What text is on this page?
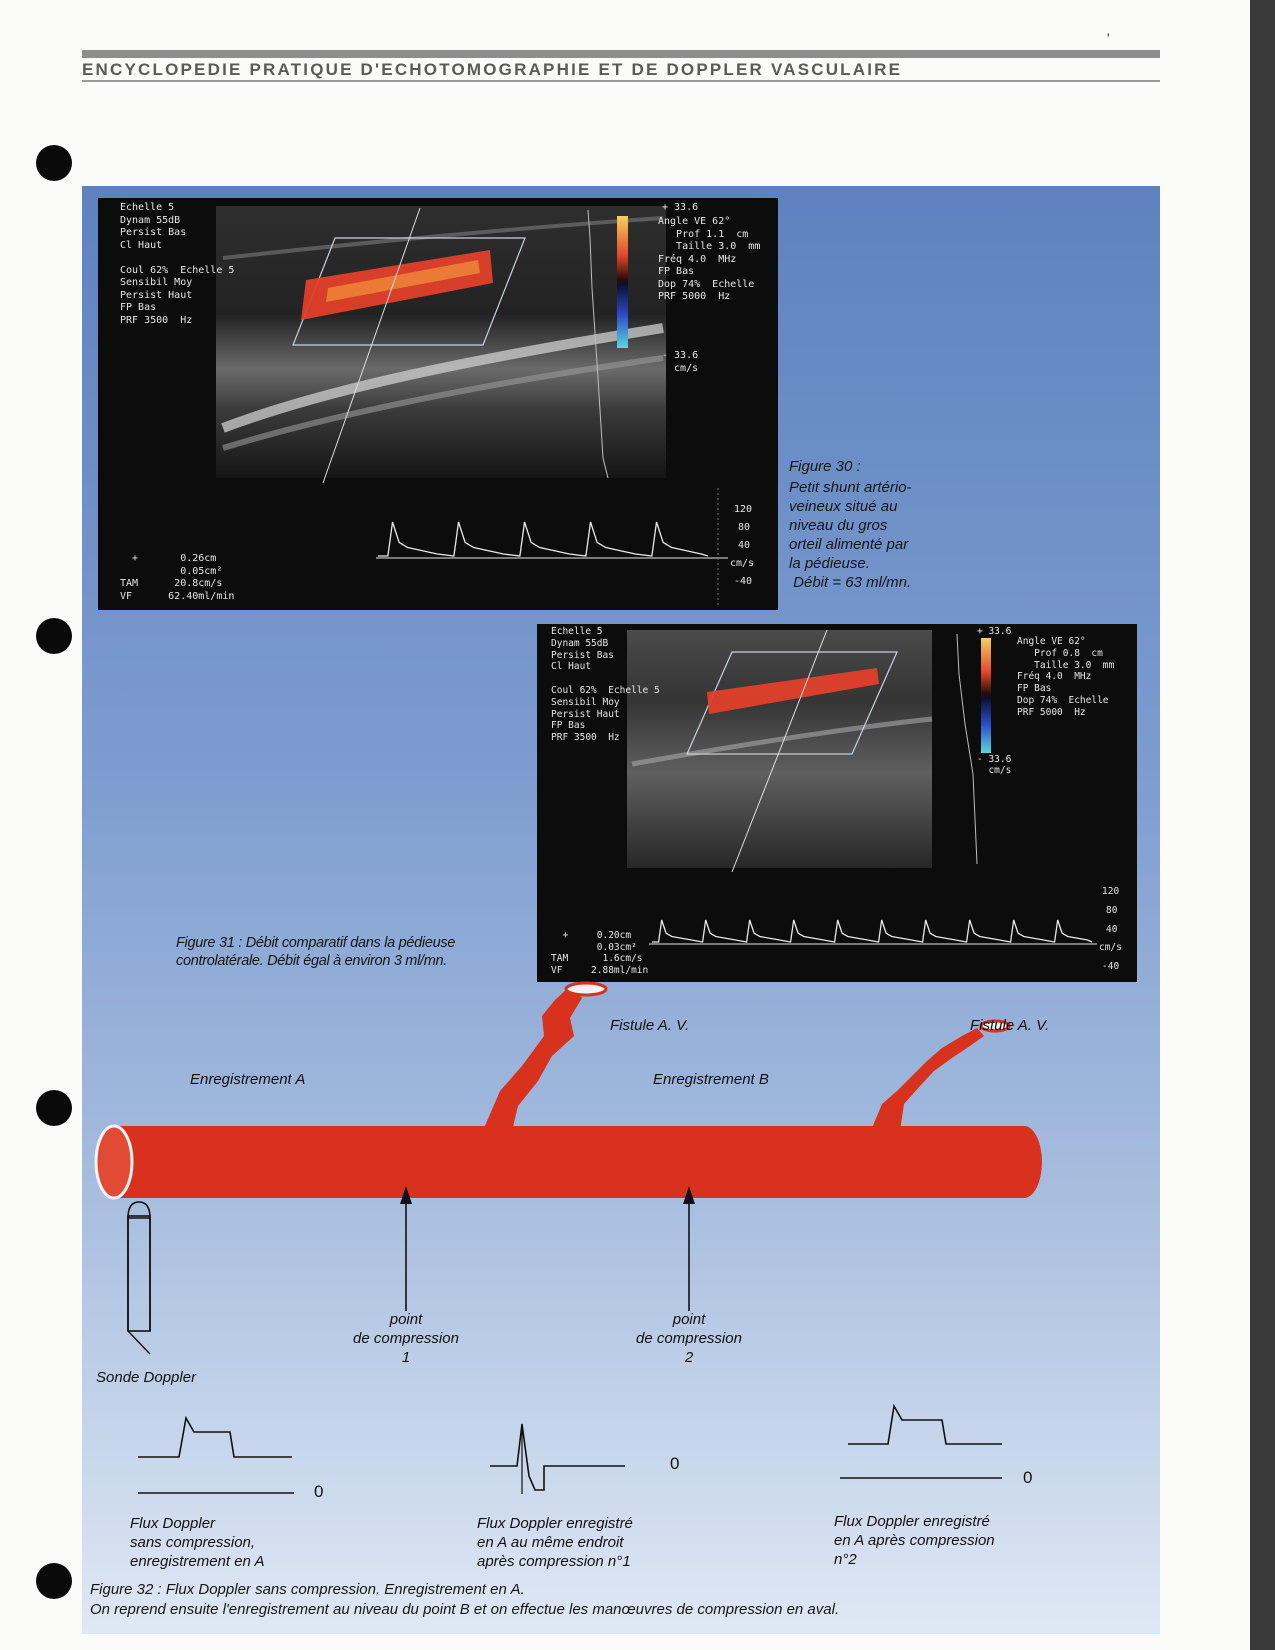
'
ENCYCLOPEDIE PRATIQUE D'ECHOTOMOGRAPHIE ET DE DOPPLER VASCULAIRE
Echelle 5
Dynam 55dB
Persist Bas
Cl Haut

Coul 62%  Echelle 5
Sensibil Moy
Persist Haut
FP Bas
PRF 3500  Hz
+ 33.6
- 33.6
cm/s
Angle VE 62°
Prof 1.1  cm
Taille 3.0  mm
Fréq 4.0  MHz
FP Bas
Dop 74%  Echelle
PRF 5000  Hz
+       0.26cm
0.05cm²
TAM      20.8cm/s
VF      62.40ml/min
120
80
40
cm/s
-40
Figure 30 :
Petit shunt artério-
veineux situé au
niveau du gros
orteil alimenté par
la pédieuse.
Débit = 63 ml/mn.
Echelle 5
Dynam 55dB
Persist Bas
Cl Haut

Coul 62%  Echelle 5
Sensibil Moy
Persist Haut
FP Bas
PRF 3500  Hz
+ 33.6
- 33.6
cm/s
Angle VE 62°
Prof 0.8  cm
Taille 3.0  mm
Fréq 4.0  MHz
FP Bas
Dop 74%  Echelle
PRF 5000  Hz
+     0.20cm
0.03cm²
TAM      1.6cm/s
VF     2.88ml/min
120
80
40
cm/s
-40
Figure 31 : Débit comparatif dans la pédieuse
controlatérale. Débit égal à environ 3 ml/mn.
Fistule A. V.	Fistule A. V.
Enregistrement A	Enregistrement B
point
de compression
1
point
de compression
2
Sonde Doppler
0
0
0
Flux Doppler
sans compression,
enregistrement en A
Flux Doppler enregistré
en A au même endroit
après compression n°1
Flux Doppler enregistré
en A après compression
n°2
Figure 32 : Flux Doppler sans compression. Enregistrement en A.
On reprend ensuite l'enregistrement au niveau du point B et on effectue les manœuvres de compression en aval.
